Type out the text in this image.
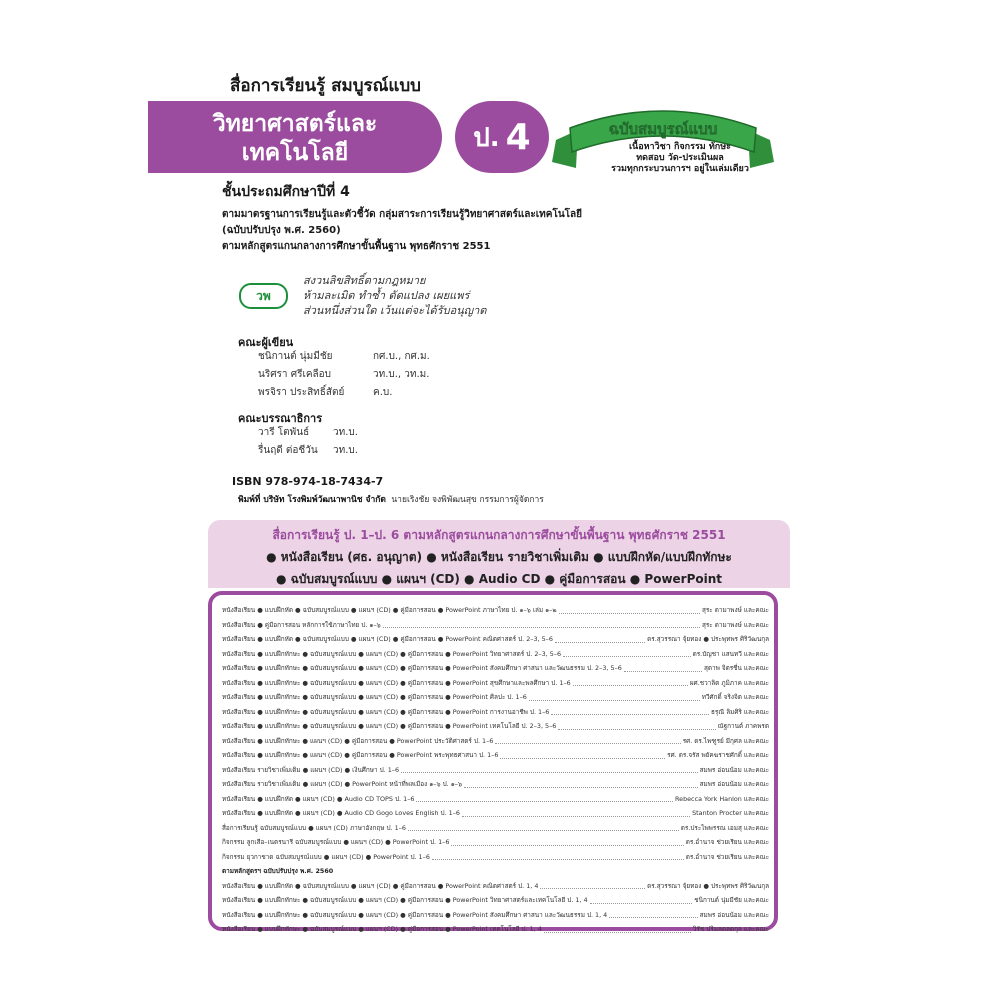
สื่อการเรียนรู้ สมบูรณ์แบบ
วิทยาศาสตร์และ
เทคโนโลยี
ป. 4	ฉบับสมบูรณ์แบบ
เนื้อหาวิชา กิจกรรม ทักษะ
ทดสอบ วัด-ประเมินผล
รวมทุกกระบวนการฯ อยู่ในเล่มเดียว
ชั้นประถมศึกษาปีที่ 4
ตามมาตรฐานการเรียนรู้และตัวชี้วัด กลุ่มสาระการเรียนรู้วิทยาศาสตร์และเทคโนโลยี
(ฉบับปรับปรุง พ.ศ. 2560)
ตามหลักสูตรแกนกลางการศึกษาขั้นพื้นฐาน พุทธศักราช 2551
วพ
สงวนลิขสิทธิ์ตามกฎหมาย
ห้ามละเมิด ทำซ้ำ ดัดแปลง เผยแพร่
ส่วนหนึ่งส่วนใด เว้นแต่จะได้รับอนุญาต
คณะผู้เขียน
ชนิกานต์ นุ่มมีชัย	กศ.บ., กศ.ม.
นริศรา ศรีเคลือบ	วท.บ., วท.ม.
พรจิรา ประสิทธิ์สัตย์	ค.บ.
คณะบรรณาธิการ
วารี โตพันธ์ วท.บ.
รื่นฤดี ต่อชีวัน วท.บ.
ISBN 978-974-18-7434-7
พิมพ์ที่ บริษัท โรงพิมพ์วัฒนาพานิช จำกัด นายเริงชัย จงพิพัฒนสุข กรรมการผู้จัดการ
สื่อการเรียนรู้ ป. 1–ป. 6 ตามหลักสูตรแกนกลางการศึกษาขั้นพื้นฐาน พุทธศักราช 2551
● หนังสือเรียน (ศธ. อนุญาต) ● หนังสือเรียน รายวิชาเพิ่มเติม ● แบบฝึกหัด/แบบฝึกทักษะ
● ฉบับสมบูรณ์แบบ ● แผนฯ (CD) ● Audio CD ● คู่มือการสอน ● PowerPoint
หนังสือเรียน ● แบบฝึกหัด ● ฉบับสมบูรณ์แบบ ● แผนฯ (CD) ● คู่มือการสอน ● PowerPoint ภาษาไทย ป. ๑–๖ เล่ม ๑–๒	สุระ ดามาพงษ์ และคณะ
หนังสือเรียน ● คู่มือการสอน หลักการใช้ภาษาไทย ป. ๑–๖	สุระ ดามาพงษ์ และคณะ
หนังสือเรียน ● แบบฝึกหัด ● ฉบับสมบูรณ์แบบ ● แผนฯ (CD) ● คู่มือการสอน ● PowerPoint คณิตศาสตร์ ป. 2–3, 5–6	ดร.สุวรรณา จุ้ยทอง ● ประพุทพร ศิริวัฒนกุล
หนังสือเรียน ● แบบฝึกทักษะ ● ฉบับสมบูรณ์แบบ ● แผนฯ (CD) ● คู่มือการสอน ● PowerPoint วิทยาศาสตร์ ป. 2–3, 5–6	ดร.บัญชา แสนทวี และคณะ
หนังสือเรียน ● แบบฝึกทักษะ ● ฉบับสมบูรณ์แบบ ● แผนฯ (CD) ● คู่มือการสอน ● PowerPoint สังคมศึกษา ศาสนา และวัฒนธรรม ป. 2–3, 5–6	สุดาพ จิตรชื่น และคณะ
หนังสือเรียน ● แบบฝึกทักษะ ● ฉบับสมบูรณ์แบบ ● แผนฯ (CD) ● คู่มือการสอน ● PowerPoint สุขศึกษาและพลศึกษา ป. 1–6	ผศ.ชวาลิต ภูมิภาค และคณะ
หนังสือเรียน ● แบบฝึกทักษะ ● ฉบับสมบูรณ์แบบ ● แผนฯ (CD) ● คู่มือการสอน ● PowerPoint ศิลปะ ป. 1–6	ทวีศักดิ์ จริงจิต และคณะ
หนังสือเรียน ● แบบฝึกทักษะ ● ฉบับสมบูรณ์แบบ ● แผนฯ (CD) ● คู่มือการสอน ● PowerPoint การงานอาชีพ ป. 1–6	ธรุณี ลิมศิริ และคณะ
หนังสือเรียน ● แบบฝึกทักษะ ● ฉบับสมบูรณ์แบบ ● แผนฯ (CD) ● คู่มือการสอน ● PowerPoint เทคโนโลยี ป. 2–3, 5–6	ณัฐกานต์ ภาคพรต
หนังสือเรียน ● แบบฝึกทักษะ ● แผนฯ (CD) ● คู่มือการสอน ● PowerPoint ประวัติศาสตร์ ป. 1–6	รศ. ดร.ไพฑูรย์ มีกุศล และคณะ
หนังสือเรียน ● แบบฝึกทักษะ ● แผนฯ (CD) ● คู่มือการสอน ● PowerPoint พระพุทธศาสนา ป. 1–6	รศ. ดร.จรัส พยัคฆราชศักดิ์ และคณะ
หนังสือเรียน รายวิชาเพิ่มเติม ● แผนฯ (CD) ● เงินศึกษา ป. 1–6	สมพร อ่อนน้อม และคณะ
หนังสือเรียน รายวิชาเพิ่มเติม ● แผนฯ (CD) ● PowerPoint หน้าที่พลเมือง ๑–๖ ป. ๑–๖	สมพร อ่อนน้อม และคณะ
หนังสือเรียน ● แบบฝึกหัด ● แผนฯ (CD) ● Audio CD TOPS ป. 1–6	Rebecca York Hanlon และคณะ
หนังสือเรียน ● แบบฝึกหัด ● แผนฯ (CD) ● Audio CD Gogo Loves English ป. 1–6	Stanton Procter และคณะ
สื่อการเรียนรู้ ฉบับสมบูรณ์แบบ ● แผนฯ (CD) ภาษาอังกฤษ ป. 1–6	ดร.ประไพพรรณ เอมสุ และคณะ
กิจกรรม ลูกเสือ–เนตรนารี ฉบับสมบูรณ์แบบ ● แผนฯ (CD) ● PowerPoint ป. 1–6	ดร.อำนาจ ช่วยเรียน และคณะ
กิจกรรม ยุวกาชาด ฉบับสมบูรณ์แบบ ● แผนฯ (CD) ● PowerPoint ป. 1–6	ดร.อำนาจ ช่วยเรียน และคณะ
ตามหลักสูตรฯ ฉบับปรับปรุง พ.ศ. 2560
หนังสือเรียน ● แบบฝึกหัด ● ฉบับสมบูรณ์แบบ ● แผนฯ (CD) ● คู่มือการสอน ● PowerPoint คณิตศาสตร์ ป. 1, 4	ดร.สุวรรณา จุ้ยทอง ● ประพุทพร ศิริวัฒนกุล
หนังสือเรียน ● แบบฝึกทักษะ ● ฉบับสมบูรณ์แบบ ● แผนฯ (CD) ● คู่มือการสอน ● PowerPoint วิทยาศาสตร์และเทคโนโลยี ป. 1, 4	ชนิกานต์ นุ่มมีชัย และคณะ
หนังสือเรียน ● แบบฝึกทักษะ ● ฉบับสมบูรณ์แบบ ● แผนฯ (CD) ● คู่มือการสอน ● PowerPoint สังคมศึกษา ศาสนา และวัฒนธรรม ป. 1, 4	สมพร อ่อนน้อม และคณะ
หนังสือเรียน ● แบบฝึกทักษะ ● ฉบับสมบูรณ์แบบ ● แผนฯ (CD) ● คู่มือการสอน ● PowerPoint เทคโนโลยี ป. 1, 4	วิรัช ปริมลดลดกุล และคณะ
